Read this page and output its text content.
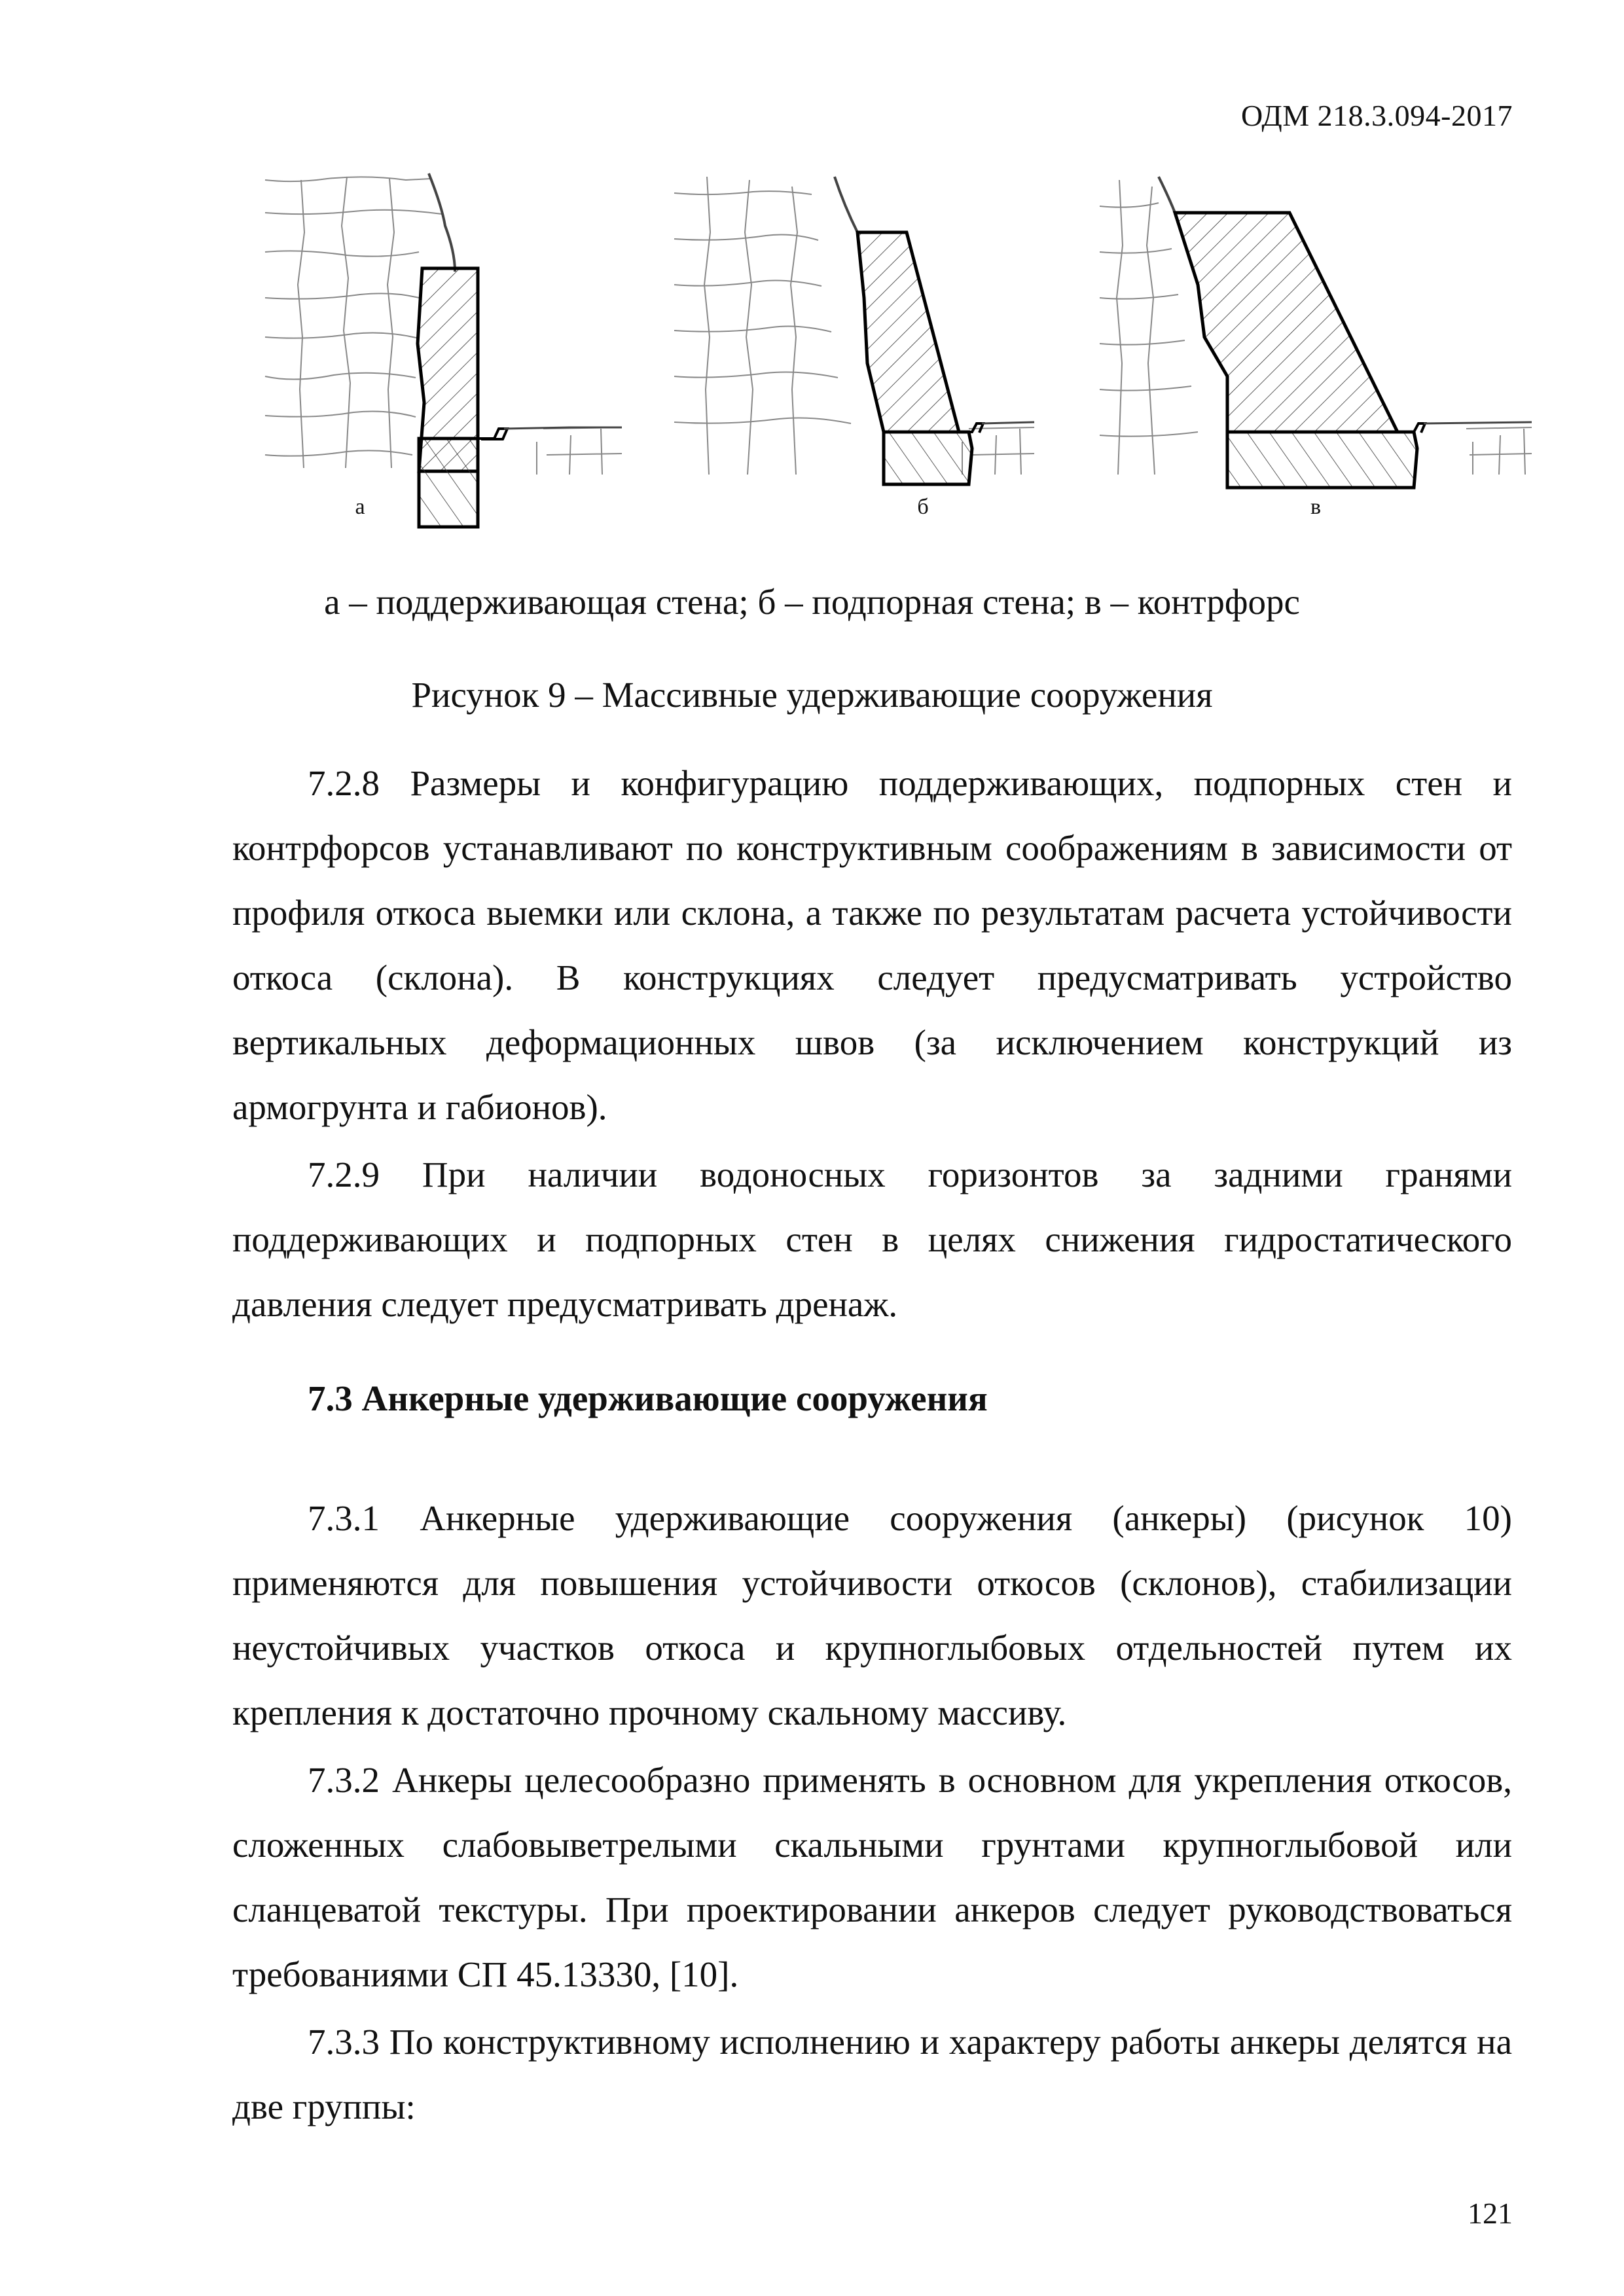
ОДМ 218.3.094-2017
а	б	в
а – поддерживающая стена; б – подпорная стена; в – контрфорс
Рисунок 9 – Массивные удерживающие сооружения

7.2.8 Размеры и конфигурацию поддерживающих, подпорных стен и контрфорсов устанавливают по конструктивным соображениям в зависимости от профиля откоса выемки или склона, а также по результатам расчета устойчивости откоса (склона). В конструкциях следует предусматривать устройство вертикальных деформационных швов (за исключением конструкций из армогрунта и габионов).

7.2.9 При наличии водоносных горизонтов за задними гранями поддерживающих и подпорных стен в целях снижения гидростатического давления следует предусматривать дренаж.

7.3 Анкерные удерживающие сооружения

7.3.1 Анкерные удерживающие сооружения (анкеры) (рисунок 10) применяются для повышения устойчивости откосов (склонов), стабилизации неустойчивых участков откоса и крупноглыбовых отдельностей путем их крепления к достаточно прочному скальному массиву.

7.3.2 Анкеры целесообразно применять в основном для укрепления откосов, сложенных слабовыветрелыми скальными грунтами крупноглыбовой или сланцеватой текстуры. При проектировании анкеров следует руководствоваться требованиями СП 45.13330, [10].

7.3.3 По конструктивному исполнению и характеру работы анкеры делятся на две группы:

121
